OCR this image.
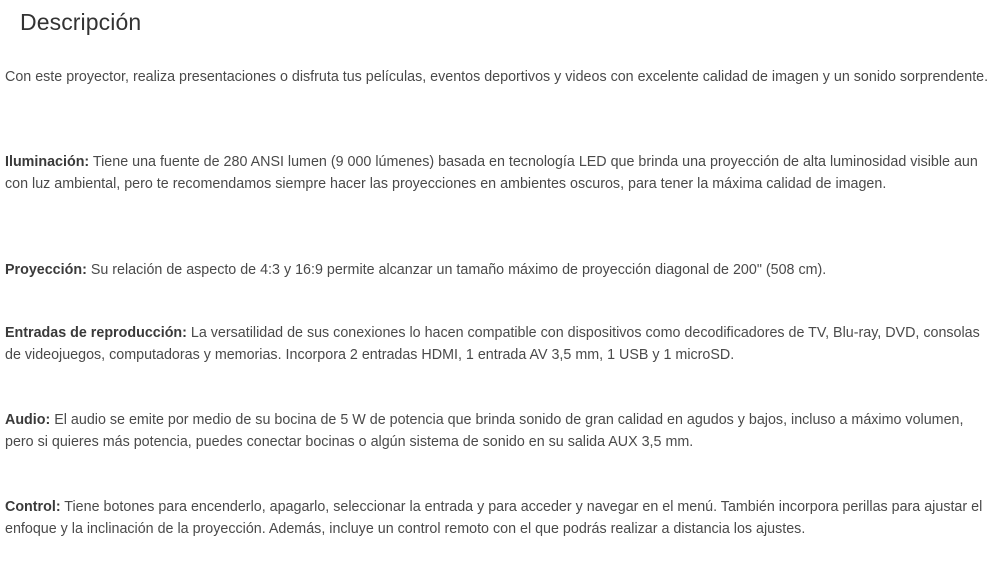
Descripción

Con este proyector, realiza presentaciones o disfruta tus películas, eventos deportivos y videos con excelente calidad de imagen y un sonido sorprendente.

Iluminación: Tiene una fuente de 280 ANSI lumen (9 000 lúmenes) basada en tecnología LED que brinda una proyección de alta luminosidad visible aun con luz ambiental, pero te recomendamos siempre hacer las proyecciones en ambientes oscuros, para tener la máxima calidad de imagen.

Proyección: Su relación de aspecto de 4:3 y 16:9 permite alcanzar un tamaño máximo de proyección diagonal de 200" (508 cm).

Entradas de reproducción: La versatilidad de sus conexiones lo hacen compatible con dispositivos como decodificadores de TV, Blu-ray, DVD, consolas de videojuegos, computadoras y memorias. Incorpora 2 entradas HDMI, 1 entrada AV 3,5 mm, 1 USB y 1 microSD.

Audio: El audio se emite por medio de su bocina de 5 W de potencia que brinda sonido de gran calidad en agudos y bajos, incluso a máximo volumen, pero si quieres más potencia, puedes conectar bocinas o algún sistema de sonido en su salida AUX 3,5 mm.

Control: Tiene botones para encenderlo, apagarlo, seleccionar la entrada y para acceder y navegar en el menú. También incorpora perillas para ajustar el enfoque y la inclinación de la proyección. Además, incluye un control remoto con el que podrás realizar a distancia los ajustes.
